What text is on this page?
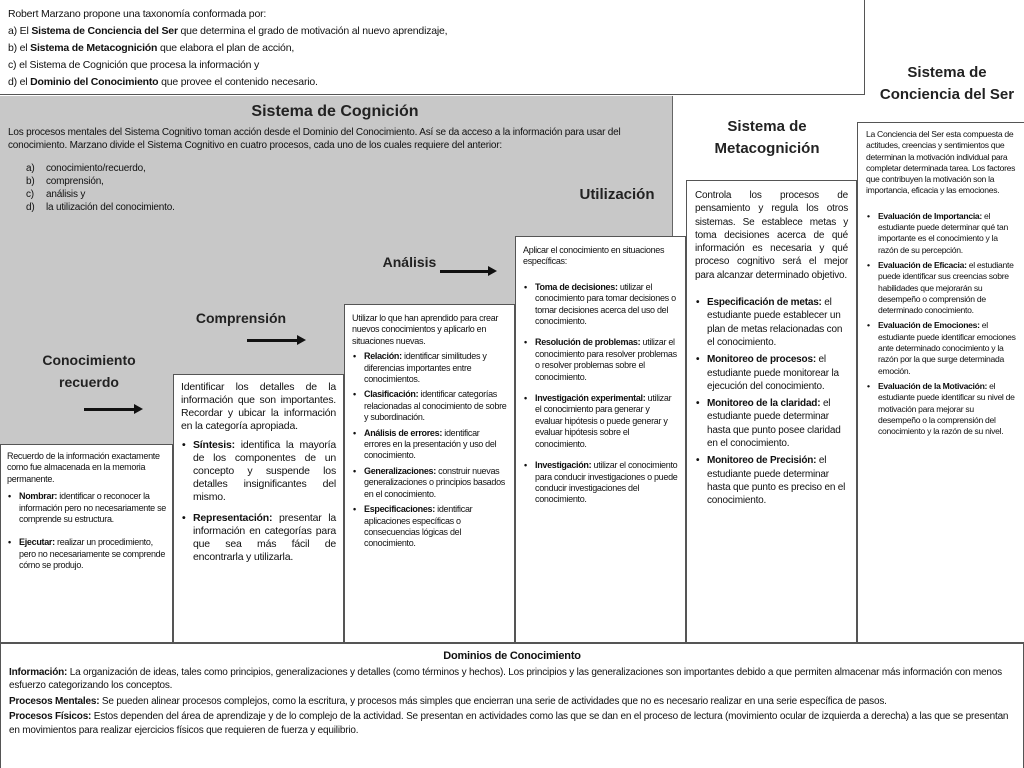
Robert Marzano propone una taxonomía conformada por:
a) El Sistema de Conciencia del Ser que determina el grado de motivación al nuevo aprendizaje,
b) el Sistema de Metacognición que elabora el plan de acción,
c) el Sistema de Cognición que procesa la información y
d) el Dominio del Conocimiento que provee el contenido necesario.
Sistema de Cognición
Los procesos mentales del Sistema Cognitivo toman acción desde el Dominio del Conocimiento. Así se da acceso a la información para usar del conocimiento. Marzano divide el Sistema Cognitivo en cuatro procesos, cada uno de los cuales requiere del anterior:
a) conocimiento/recuerdo,
b) comprensión,
c) análisis y
d) la utilización del conocimiento.
Conocimiento recuerdo
Comprensión
Análisis
Utilización
Recuerdo de la información exactamente como fue almacenada en la memoria permanente.
• Nombrar: identificar o reconocer la información pero no necesariamente se comprende su estructura.
• Ejecutar: realizar un procedimiento, pero no necesariamente se comprende cómo se produjo.
Identificar los detalles de la información que son importantes. Recordar y ubicar la información en la categoría apropiada.
• Síntesis: identifica la mayoría de los componentes de un concepto y suspende los detalles insignificantes del mismo.
• Representación: presentar la información en categorías para que sea más fácil de encontrarla y utilizarla.
Utilizar lo que han aprendido para crear nuevos conocimientos y aplicarlo en situaciones nuevas.
• Relación: identificar similitudes y diferencias importantes entre conocimientos.
• Clasificación: identificar categorías relacionadas al conocimiento de sobre y subordinación.
• Análisis de errores: identificar errores en la presentación y uso del conocimiento.
• Generalizaciones: construir nuevas generalizaciones o principios basados en el conocimiento.
• Especificaciones: identificar aplicaciones específicas o consecuencias lógicas del conocimiento.
Aplicar el conocimiento en situaciones específicas:
• Toma de decisiones: utilizar el conocimiento para tomar decisiones o tomar decisiones acerca del uso del conocimiento.
• Resolución de problemas: utilizar el conocimiento para resolver problemas o resolver problemas sobre el conocimiento.
• Investigación experimental: utilizar el conocimiento para generar y evaluar hipótesis o puede generar y evaluar hipótesis sobre el conocimiento.
• Investigación: utilizar el conocimiento para conducir investigaciones o puede conducir investigaciones del conocimiento.
Sistema de Metacognición
Controla los procesos de pensamiento y regula los otros sistemas. Se establece metas y toma decisiones acerca de qué información es necesaria y qué proceso cognitivo será el mejor para alcanzar determinado objetivo.
• Especificación de metas: el estudiante puede establecer un plan de metas relacionadas con el conocimiento.
• Monitoreo de procesos: el estudiante puede monitorear la ejecución del conocimiento.
• Monitoreo de la claridad: el estudiante puede determinar hasta que punto posee claridad en el conocimiento.
• Monitoreo de Precisión: el estudiante puede determinar hasta que punto es preciso en el conocimiento.
Sistema de Conciencia del Ser
La Conciencia del Ser esta compuesta de actitudes, creencias y sentimientos que determinan la motivación individual para completar determinada tarea. Los factores que contribuyen la motivación son la importancia, eficacia y las emociones.
• Evaluación de Importancia: el estudiante puede determinar qué tan importante es el conocimiento y la razón de su percepción.
• Evaluación de Eficacia: el estudiante puede identificar sus creencias sobre habilidades que mejorarán su desempeño o comprensión de determinado conocimiento.
• Evaluación de Emociones: el estudiante puede identificar emociones ante determinado conocimiento y la razón por la que surge determinada emoción.
• Evaluación de la Motivación: el estudiante puede identificar su nivel de motivación para mejorar su desempeño o la comprensión del conocimiento y la razón de su nivel.
Dominios de Conocimiento
Información: La organización de ideas, tales como principios, generalizaciones y detalles (como términos y hechos). Los principios y las generalizaciones son importantes debido a que permiten almacenar más información con menos esfuerzo categorizando los conceptos.
Procesos Mentales: Se pueden alinear procesos complejos, como la escritura, y procesos más simples que encierran una serie de actividades que no es necesario realizar en una serie específica de pasos.
Procesos Físicos: Estos dependen del área de aprendizaje y de lo complejo de la actividad. Se presentan en actividades como las que se dan en el proceso de lectura (movimiento ocular de izquierda a derecha) a las que se presentan en movimientos para realizar ejercicios físicos que requieren de fuerza y equilibrio.
